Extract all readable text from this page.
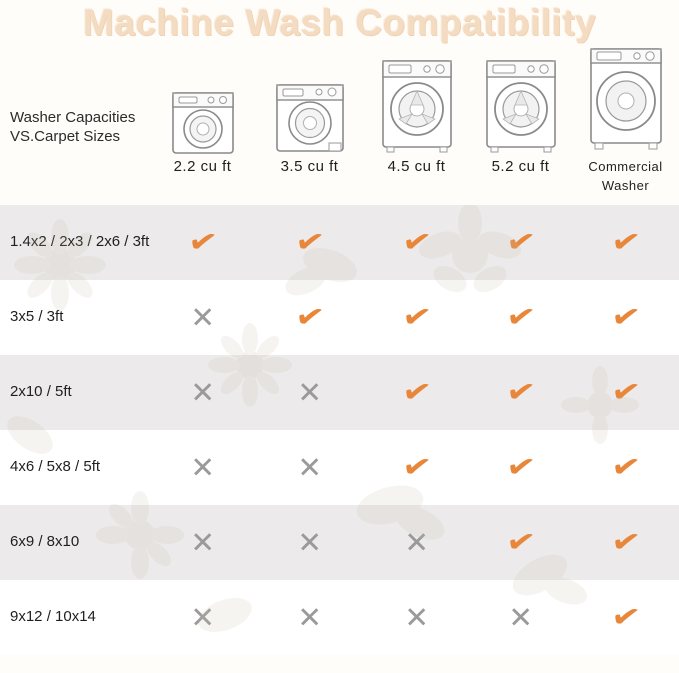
Machine Wash Compatibility
Washer Capacities
VS.Carpet Sizes
2.2 cu ft	3.5 cu ft	4.5 cu ft	5.2 cu ft	Commercial
Washer
1.4x2 / 2x3 / 2x6 / 3ft ✔ ✔ ✔ ✔ ✔
3x5 / 3ft	✕	✔ ✔ ✔ ✔
2x10 / 5ft	✕	✕	✔ ✔ ✔
4x6 / 5x8 / 5ft	✕	✕	✔ ✔ ✔
6x9 / 8x10	✕	✕	✕ ✔ ✔
9x12 / 10x14	✕	✕	✕	✕	✔
